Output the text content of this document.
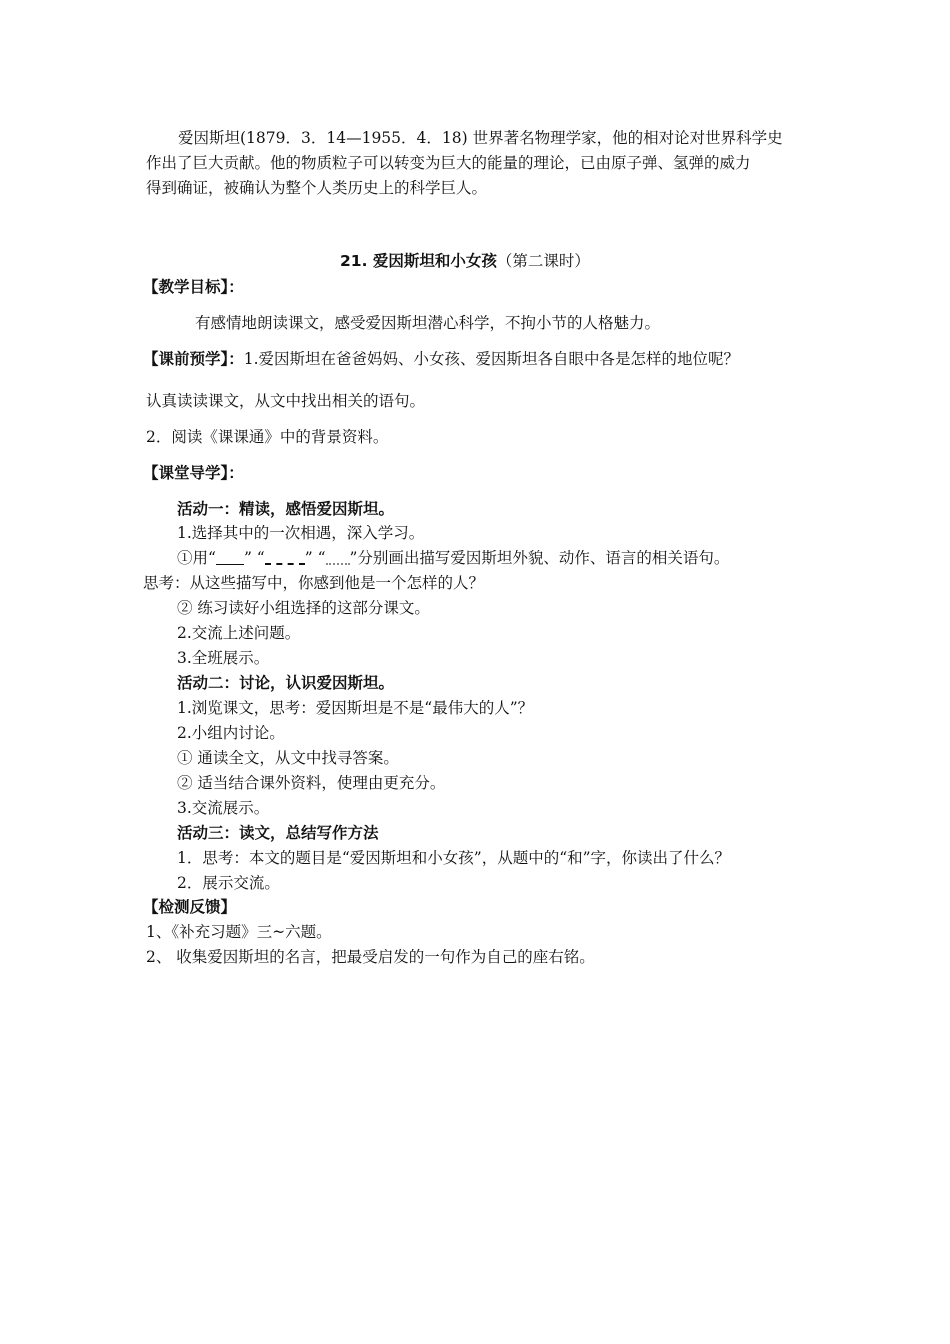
爱因斯坦(1879．3．14—1955．4．18) 世界著名物理学家，他的相对论对世界科学史
作出了巨大贡献。他的物质粒子可以转变为巨大的能量的理论，已由原子弹、氢弹的威力
得到确证，被确认为整个人类历史上的科学巨人。
21. 爱因斯坦和小女孩（第二课时）
【教学目标】：
有感情地朗读课文，感受爱因斯坦潜心科学，不拘小节的人格魅力。
【课前预学】：1.爱因斯坦在爸爸妈妈、小女孩、爱因斯坦各自眼中各是怎样的地位呢？
认真读读课文，从文中找出相关的语句。
2．阅读《课课通》中的背景资料。
【课堂导学】：
活动一：精读，感悟爱因斯坦。
1.选择其中的一次相遇，深入学习。
①用“ ” “	” “ ”分别画出描写爱因斯坦外貌、动作、语言的相关语句。
思考：从这些描写中，你感到他是一个怎样的人？
② 练习读好小组选择的这部分课文。
2.交流上述问题。
3.全班展示。
活动二：讨论，认识爱因斯坦。
1.浏览课文，思考：爱因斯坦是不是“最伟大的人”？
2.小组内讨论。
① 通读全文，从文中找寻答案。
② 适当结合课外资料，使理由更充分。
3.交流展示。
活动三：读文，总结写作方法
1．思考：本文的题目是“爱因斯坦和小女孩”，从题中的“和”字，你读出了什么？
2．展示交流。
【检测反馈】
1、《补充习题》三~六题。
2、 收集爱因斯坦的名言，把最受启发的一句作为自己的座右铭。
